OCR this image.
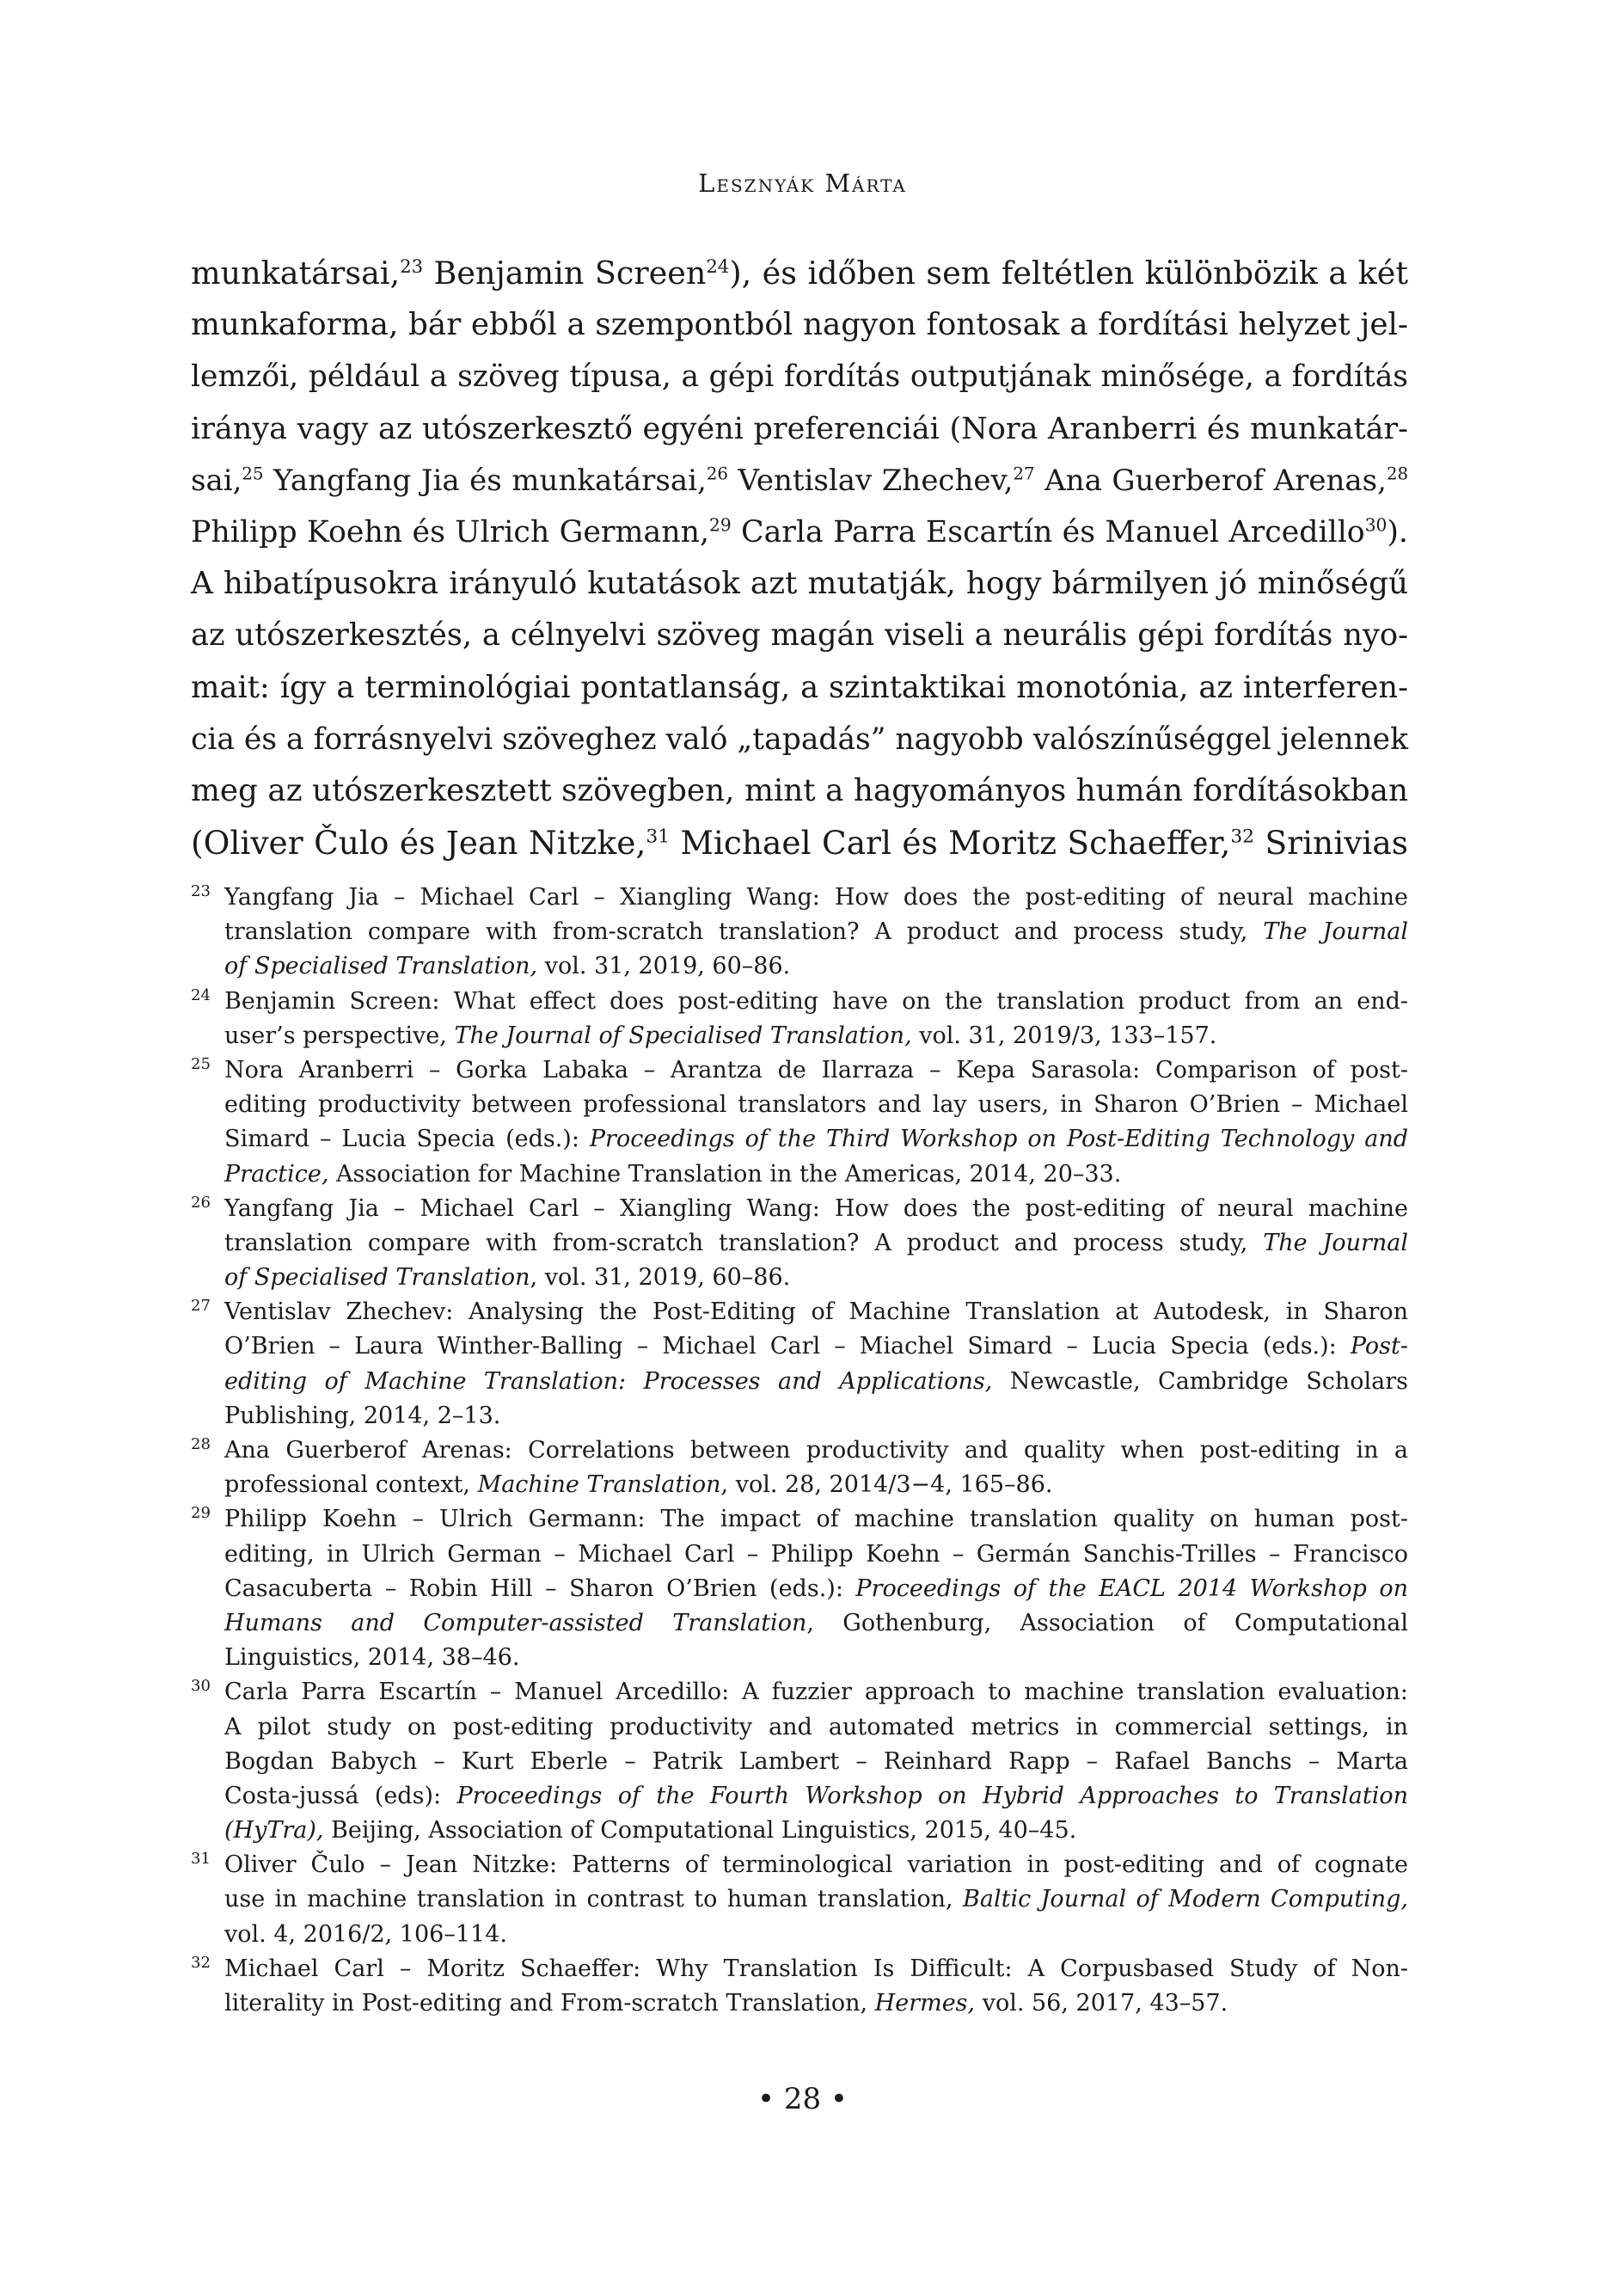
Lesznyák Márta
munkatársai,$^{23}$ Benjamin Screen$^{24}$), és időben sem feltétlen különbözik a két
munkaforma, bár ebből a szempontból nagyon fontosak a fordítási helyzet jel-
lemzői, például a szöveg típusa, a gépi fordítás outputjának minősége, a fordítás
iránya vagy az utószerkesztő egyéni preferenciái (Nora Aranberri és munkatár-
sai,$^{25}$ Yangfang Jia és munkatársai,$^{26}$ Ventislav Zhechev,$^{27}$ Ana Guerberof Arenas,$^{28}$
Philipp Koehn és Ulrich Germann,$^{29}$ Carla Parra Escartín és Manuel Arcedillo$^{30}$).
A hibatípusokra irányuló kutatások azt mutatják, hogy bármilyen jó minőségű
az utószerkesztés, a célnyelvi szöveg magán viseli a neurális gépi fordítás nyo-
mait: így a terminológiai pontatlanság, a szintaktikai monotónia, az interferen-
cia és a forrásnyelvi szöveghez való „tapadás” nagyobb valószínűséggel jelennek
meg az utószerkesztett szövegben, mint a hagyományos humán fordításokban
(Oliver Čulo és Jean Nitzke,$^{31}$ Michael Carl és Moritz Schaeffer,$^{32}$ Srinivias
23 Yangfang Jia – Michael Carl – Xiangling Wang: How does the post-editing of neural machine
translation compare with from-scratch translation? A product and process study, The Journal
of Specialised Translation, vol. 31, 2019, 60–86.
24 Benjamin Screen: What effect does post-editing have on the translation product from an end-
user’s perspective, The Journal of Specialised Translation, vol. 31, 2019/3, 133–157.
25 Nora Aranberri – Gorka Labaka – Arantza de Ilarraza – Kepa Sarasola: Comparison of post-
editing productivity between professional translators and lay users, in Sharon O’Brien – Michael
Simard – Lucia Specia (eds.): Proceedings of the Third Workshop on Post-Editing Technology and
Practice, Association for Machine Translation in the Americas, 2014, 20–33.
26 Yangfang Jia – Michael Carl – Xiangling Wang: How does the post-editing of neural machine
translation compare with from-scratch translation? A product and process study, The Journal
of Specialised Translation, vol. 31, 2019, 60–86.
27 Ventislav Zhechev: Analysing the Post-Editing of Machine Translation at Autodesk, in Sharon
O’Brien – Laura Winther-Balling – Michael Carl – Miachel Simard – Lucia Specia (eds.): Post-
editing of Machine Translation: Processes and Applications, Newcastle, Cambridge Scholars
Publishing, 2014, 2–13.
28 Ana Guerberof Arenas: Correlations between productivity and quality when post-editing in a
professional context, Machine Translation, vol. 28, 2014/3−4, 165–86.
29 Philipp Koehn – Ulrich Germann: The impact of machine translation quality on human post-
editing, in Ulrich German – Michael Carl – Philipp Koehn – Germán Sanchis-Trilles – Francisco
Casacuberta – Robin Hill – Sharon O’Brien (eds.): Proceedings of the EACL 2014 Workshop on
Humans and Computer-assisted Translation, Gothenburg, Association of Computational
Linguistics, 2014, 38–46.
30 Carla Parra Escartín – Manuel Arcedillo: A fuzzier approach to machine translation evaluation:
A pilot study on post-editing productivity and automated metrics in commercial settings, in
Bogdan Babych – Kurt Eberle – Patrik Lambert – Reinhard Rapp – Rafael Banchs – Marta
Costa-jussá (eds): Proceedings of the Fourth Workshop on Hybrid Approaches to Translation
(HyTra), Beijing, Association of Computational Linguistics, 2015, 40–45.
31 Oliver Čulo – Jean Nitzke: Patterns of terminological variation in post-editing and of cognate
use in machine translation in contrast to human translation, Baltic Journal of Modern Computing,
vol. 4, 2016/2, 106–114.
32 Michael Carl – Moritz Schaeffer: Why Translation Is Difficult: A Corpusbased Study of Non-
literality in Post-editing and From-scratch Translation, Hermes, vol. 56, 2017, 43–57.
• 28 •
